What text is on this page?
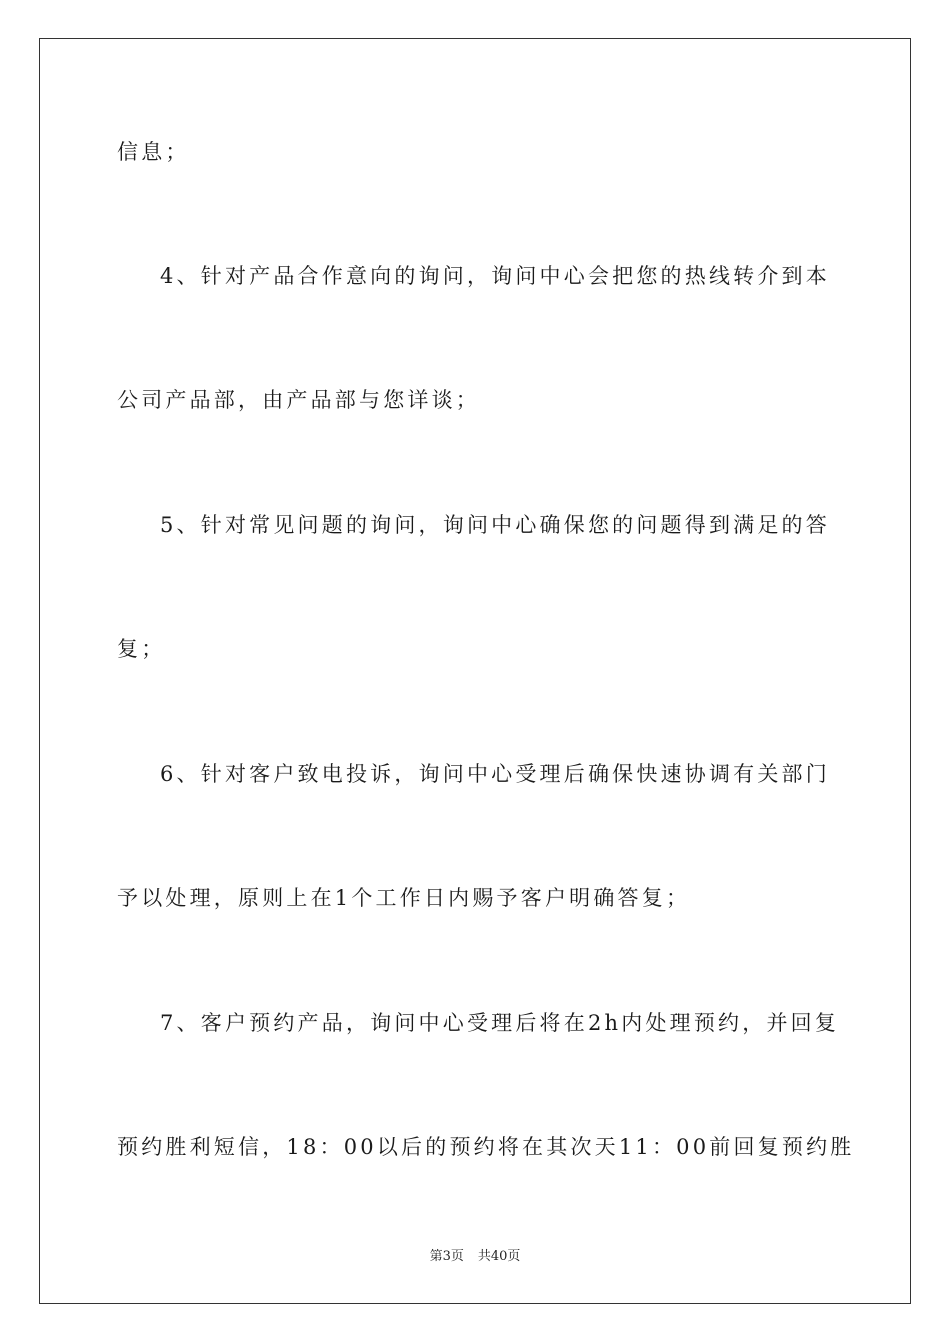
信息；
4、针对产品合作意向的询问，询问中心会把您的热线转介到本
公司产品部，由产品部与您详谈；
5、针对常见问题的询问，询问中心确保您的问题得到满足的答
复；
6、针对客户致电投诉，询问中心受理后确保快速协调有关部门
予以处理，原则上在1个工作日内赐予客户明确答复；
7、客户预约产品，询问中心受理后将在2h内处理预约，并回复
预约胜利短信，18：00以后的预约将在其次天11：00前回复预约胜
第3页 共40页
